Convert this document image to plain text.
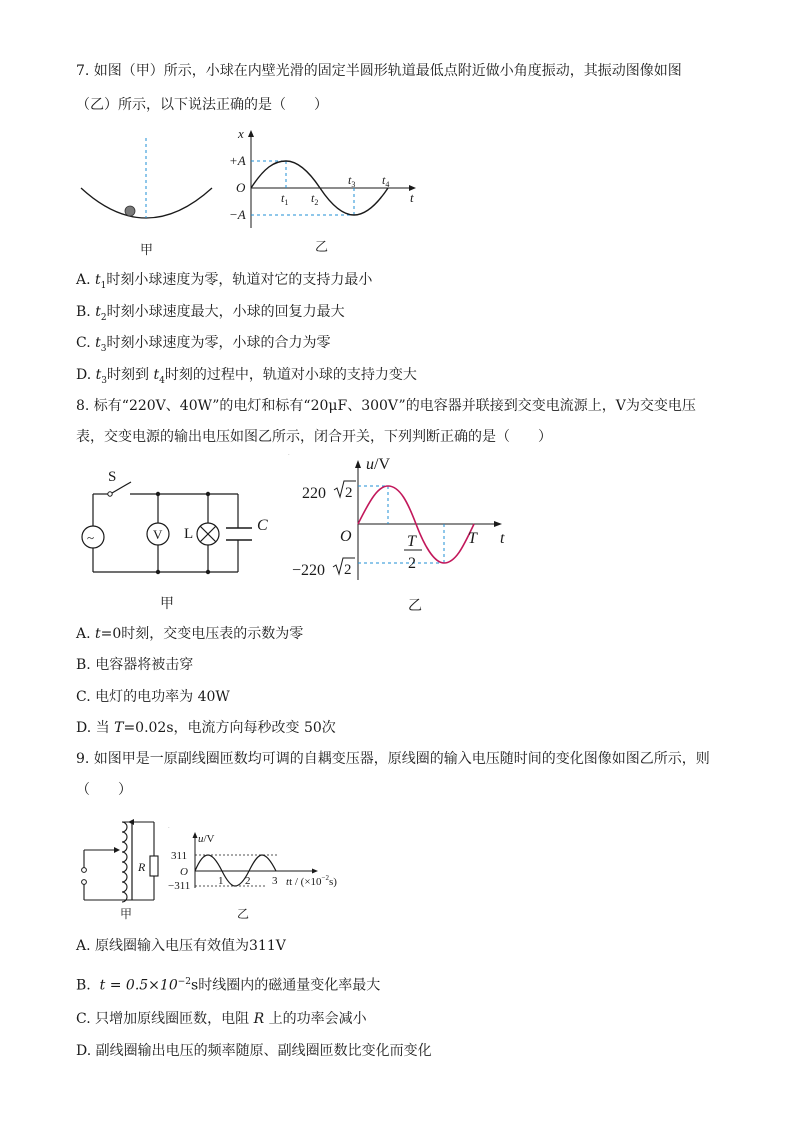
7. 如图（甲）所示，小球在内壁光滑的固定半圆形轨道最低点附近做小角度振动，其振动图像如图
（乙）所示，以下说法正确的是（　　）
甲
x
t
+A
−A
O
$t_1$ $t_2$
$t_3$ $t_4$
乙
A. $t_1$时刻小球速度为零，轨道对它的支持力最小
B. $t_2$时刻小球速度最大，小球的回复力最大
C. $t_3$时刻小球速度为零，小球的合力为零
D. $t_3$时刻到 $t_4$时刻的过程中，轨道对小球的支持力变大
8. 标有“220V、40W”的电灯和标有“20μF、300V”的电容器并联接到交变电流源上，V为交变电压
表，交变电源的输出电压如图乙所示，闭合开关，下列判断正确的是（　　）
S
~	V L	C
甲
u/V
u/V
t
O
220 2
−220 2
T
2
T
乙
A. t=0时刻，交变电压表的示数为零
B. 电容器将被击穿
C. 电灯的电功率为 40W
D. 当 T=0.02s，电流方向每秒改变 50次
9. 如图甲是一原副线圈匝数均可调的自耦变压器，原线圈的输入电压随时间的变化图像如图乙所示，则
（　　）
R
甲
u/V
u/V
311
−311
O
1 2 3 tt / $(\times 10^{-2}s)$
乙
A. 原线圈输入电压有效值为311V
B.  $t = 0.5\times 10^{-2}s$时线圈内的磁通量变化率最大
C. 只增加原线圈匝数，电阻 R 上的功率会减小
D. 副线圈输出电压的频率随原、副线圈匝数比变化而变化
